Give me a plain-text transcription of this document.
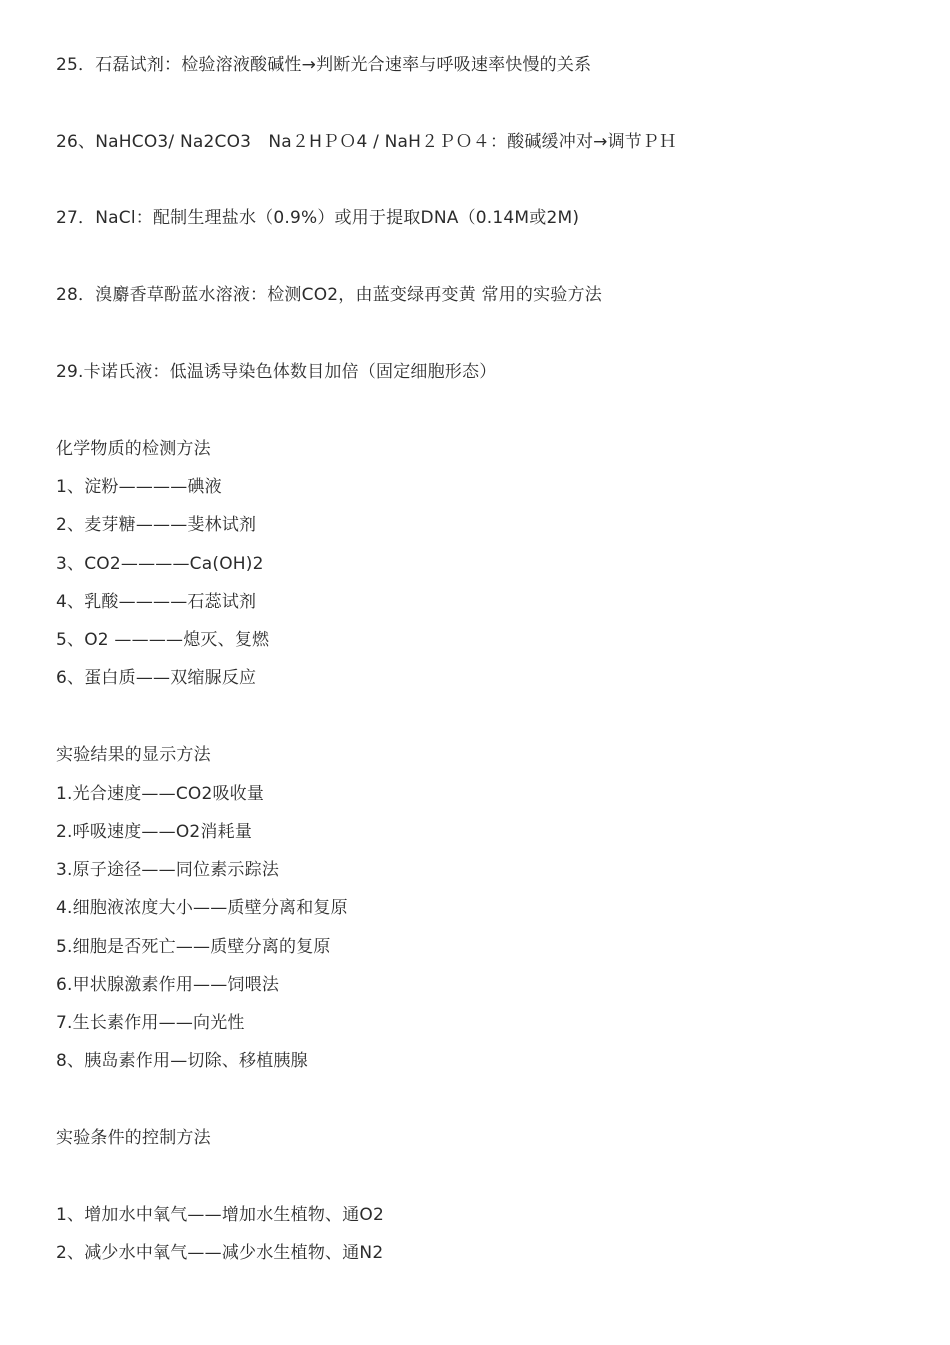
25．石磊试剂：检验溶液酸碱性→判断光合速率与呼吸速率快慢的关系

26、NaHCO3/ Na2CO3　Na２HＰＯ4 / NaH２ＰＯ４：酸碱缓冲对→调节ＰＨ

27．NaCl：配制生理盐水（0.9%）或用于提取DNA（0.14M或2M)

28．溴麝香草酚蓝水溶液：检测CO2，由蓝变绿再变黄 常用的实验方法

29.卡诺氏液：低温诱导染色体数目加倍（固定细胞形态）

化学物质的检测方法

1、淀粉————碘液

2、麦芽糖———斐林试剂

3、CO2————Ca(OH)2

4、乳酸————石蕊试剂

5、O2 ————熄灭、复燃

6、蛋白质——双缩脲反应

实验结果的显示方法

1.光合速度——CO2吸收量

2.呼吸速度——O2消耗量

3.原子途径——同位素示踪法

4.细胞液浓度大小——质壁分离和复原

5.细胞是否死亡——质壁分离的复原

6.甲状腺激素作用——饲喂法

7.生长素作用——向光性

8、胰岛素作用—切除、移植胰腺

实验条件的控制方法

1、增加水中氧气——增加水生植物、通O2

2、减少水中氧气——减少水生植物、通N2
